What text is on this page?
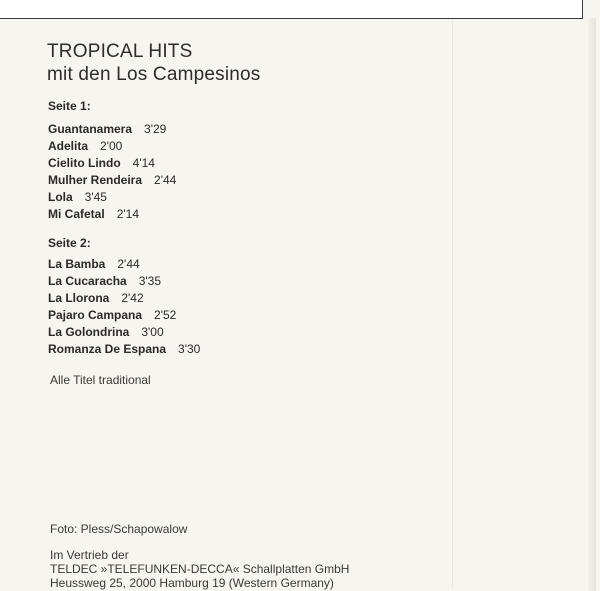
TROPICAL HITS
mit den Los Campesinos
Seite 1:
Guantanamera 3'29
Adelita 2'00
Cielito Lindo 4'14
Mulher Rendeira 2'44
Lola 3'45
Mi Cafetal 2'14
Seite 2:
La Bamba 2'44
La Cucaracha 3'35
La Llorona 2'42
Pajaro Campana 2'52
La Golondrina 3'00
Romanza De Espana 3'30

Alle Titel traditional

Foto: Pless/Schapowalow

Im Vertrieb der
TELDEC »TELEFUNKEN-DECCA« Schallplatten GmbH
Heussweg 25, 2000 Hamburg 19 (Western Germany)
